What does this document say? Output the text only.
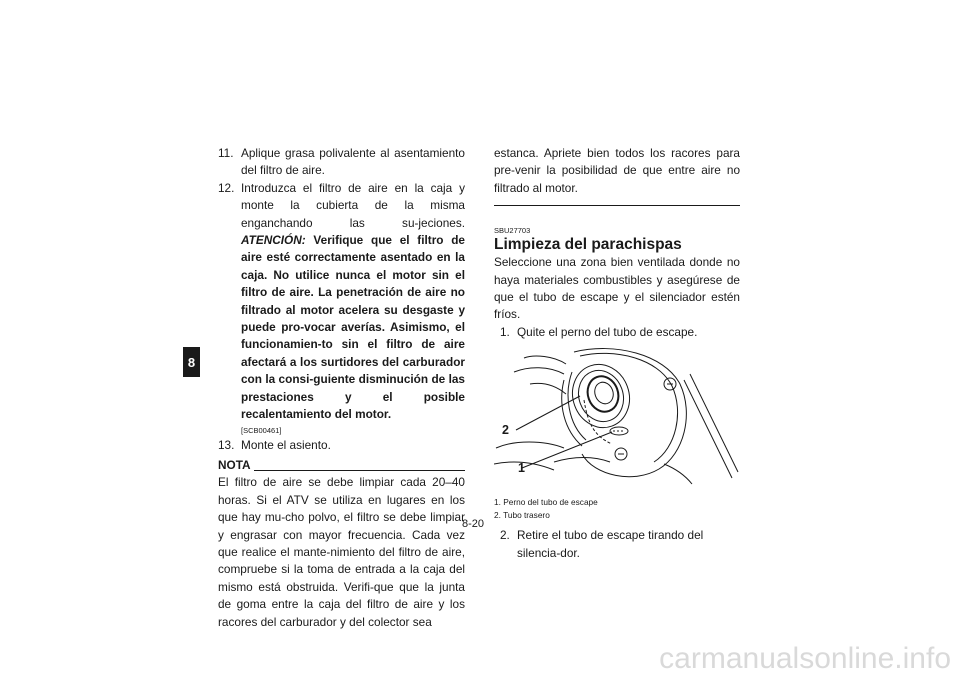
8
11. Aplique grasa polivalente al asentamiento del filtro de aire.
12. Introduzca el filtro de aire en la caja y monte la cubierta de la misma enganchando las su-jeciones. ATENCIÓN: Verifique que el filtro de aire esté correctamente asentado en la caja. No utilice nunca el motor sin el filtro de aire. La penetración de aire no filtrado al motor acelera su desgaste y puede pro-vocar averías. Asimismo, el funcionamien-to sin el filtro de aire afectará a los surtidores del carburador con la consi-guiente disminución de las prestaciones y el posible recalentamiento del motor.
[SCB00461]
13. Monte el asiento.
NOTA
El filtro de aire se debe limpiar cada 20–40 horas. Si el ATV se utiliza en lugares en los que hay mu-cho polvo, el filtro se debe limpiar y engrasar con mayor frecuencia. Cada vez que realice el mante-nimiento del filtro de aire, compruebe si la toma de entrada a la caja del mismo está obstruida. Verifi-que que la junta de goma entre la caja del filtro de aire y los racores del carburador y del colector sea
estanca. Apriete bien todos los racores para pre-venir la posibilidad de que entre aire no filtrado al motor.
SBU27703
Limpieza del parachispas
Seleccione una zona bien ventilada donde no haya materiales combustibles y asegúrese de que el tubo de escape y el silenciador estén fríos.
1. Quite el perno del tubo de escape.
2
1
1. Perno del tubo de escape
2. Tubo trasero
2. Retire el tubo de escape tirando del silencia-dor.
8-20
carmanualsonline.info
